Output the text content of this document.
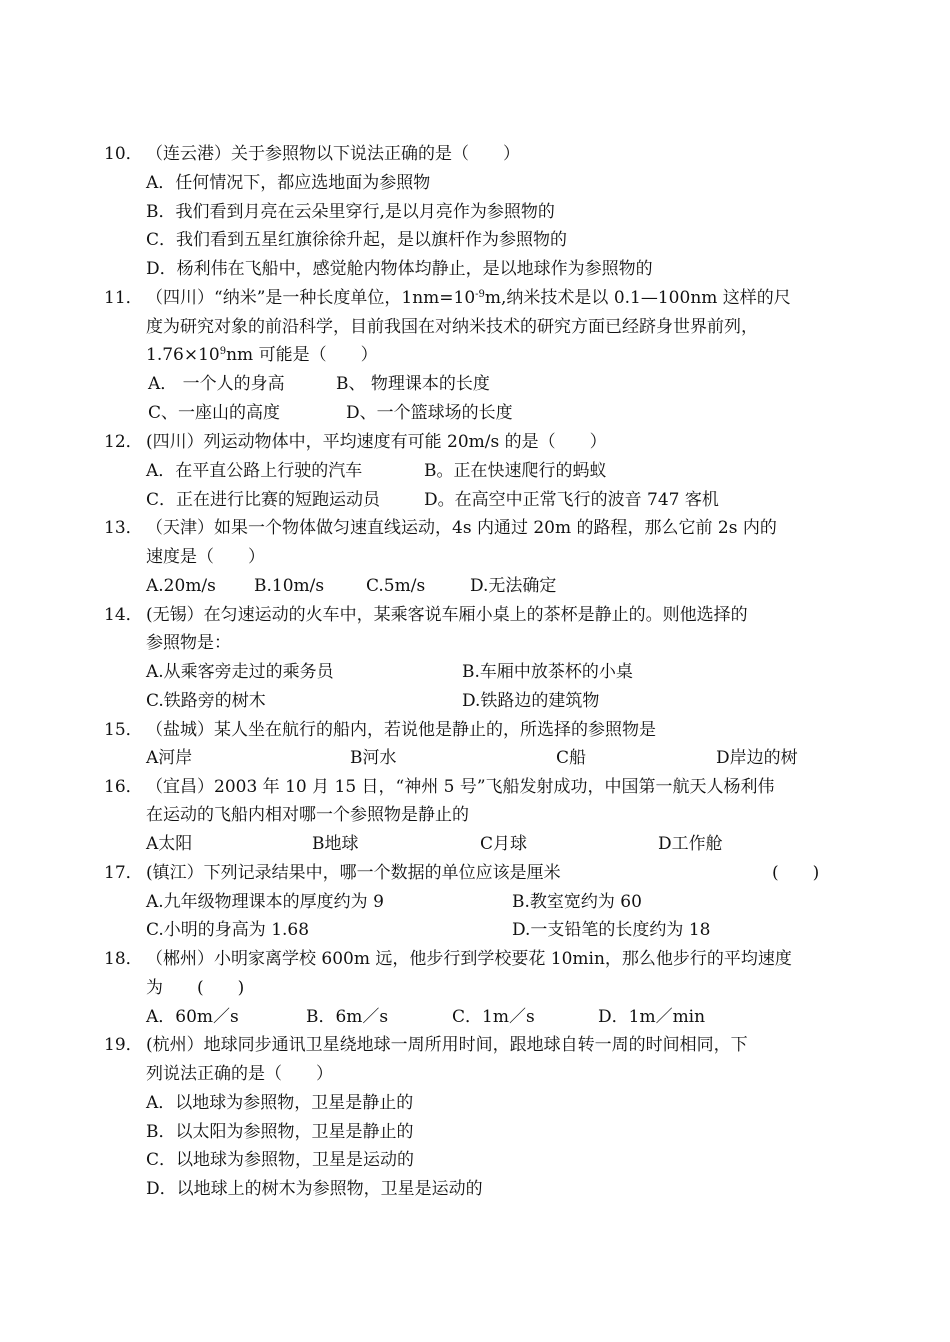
10． （连云港）关于参照物以下说法正确的是（　　）
A．任何情况下，都应选地面为参照物
B．我们看到月亮在云朵里穿行,是以月亮作为参照物的
C．我们看到五星红旗徐徐升起，是以旗杆作为参照物的
D．杨利伟在飞船中，感觉舱内物体均静止，是以地球作为参照物的
11． （四川）“纳米”是一种长度单位，$1nm=10^{-9}m$,纳米技术是以 0.1—100nm 这样的尺
度为研究对象的前沿科学，目前我国在对纳米技术的研究方面已经跻身世界前列，
$1.76\times 10^9nm$ 可能是（　　）
A． 一个人的身高	B、 物理课本的长度
C、一座山的高度	D、一个篮球场的长度
12． (四川）列运动物体中，平均速度有可能 20m/s 的是（　　）
A．在平直公路上行驶的汽车	B。正在快速爬行的蚂蚁
C．正在进行比赛的短跑运动员	D。在高空中正常飞行的波音 747 客机
13． （天津）如果一个物体做匀速直线运动，4s 内通过 20m 的路程，那么它前 2s 内的
速度是（　　）
A.20m/s B.10m/s C.5m/s	D.无法确定
14． (无锡）在匀速运动的火车中，某乘客说车厢小桌上的茶杯是静止的。则他选择的
参照物是：
A.从乘客旁走过的乘务员	B.车厢中放茶杯的小桌
C.铁路旁的树木	D.铁路边的建筑物
15． （盐城）某人坐在航行的船内，若说他是静止的，所选择的参照物是
A河岸	B河水	C船	D岸边的树
16． （宜昌）2003 年 10 月 15 日，“神州 5 号”飞船发射成功，中国第一航天人杨利伟
在运动的飞船内相对哪一个参照物是静止的
A太阳	B地球	C月球	D工作舱
17． (镇江）下列记录结果中，哪一个数据的单位应该是厘米	(　　)
A.九年级物理课本的厚度约为 9	B.教室宽约为 60
C.小明的身高为 1.68	D.一支铅笔的长度约为 18
18． （郴州）小明家离学校 600m 远，他步行到学校要花 10min，那么他步行的平均速度
为　　(　　)
A．60m／s	B．6m／s	C．1m／s	D．1m／min
19． (杭州）地球同步通讯卫星绕地球一周所用时间，跟地球自转一周的时间相同，下
列说法正确的是（　　）
A．以地球为参照物，卫星是静止的
B．以太阳为参照物，卫星是静止的
C．以地球为参照物，卫星是运动的
D．以地球上的树木为参照物，卫星是运动的
